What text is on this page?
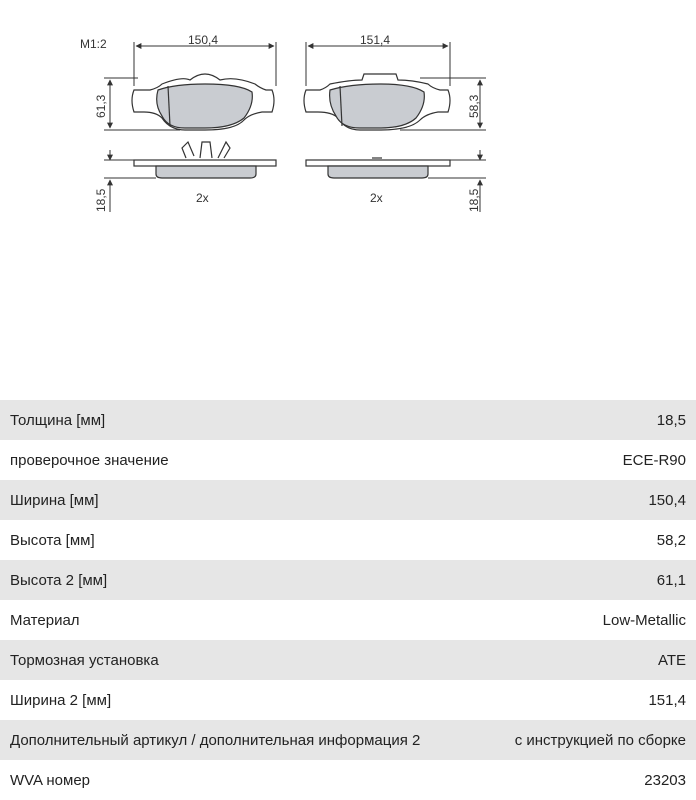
M1:2	150,4
61,3
18,5	2x
151,4
58,3
18,5
2x
Толщина [мм]	18,5
проверочное значение	ECE-R90
Ширина [мм]	150,4
Высота [мм]	58,2
Высота 2 [мм]	61,1
Материал	Low-Metallic
Тормозная установка	ATE
Ширина 2 [мм]	151,4
Дополнительный артикул / дополнительная информация 2	с инструкцией по сборке
WVA номер	23203
